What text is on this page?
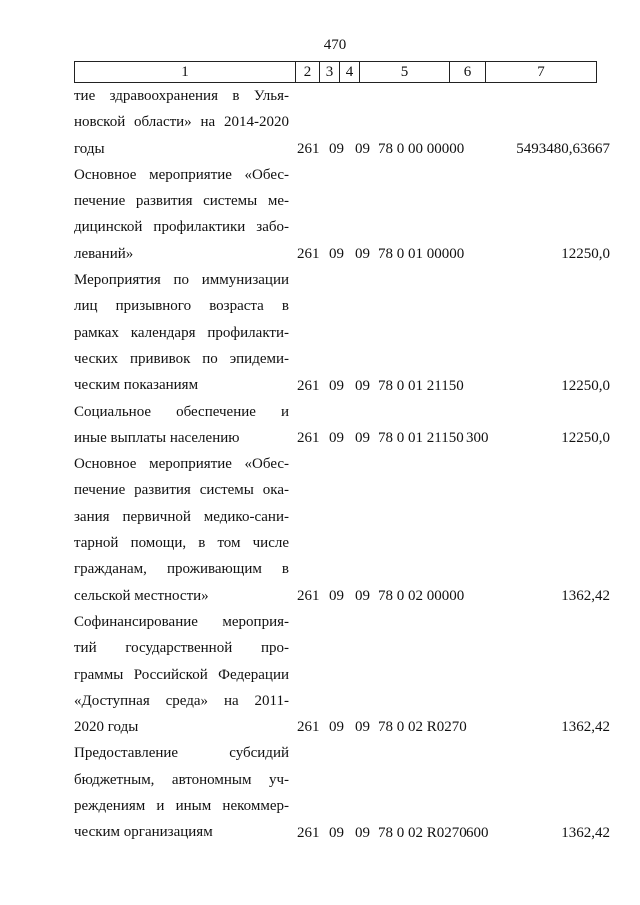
470
1	2 3 4	5	6	7
тие здравоохранения в Улья-
новской области» на 2014-2020
годы	261 09 09 78 0 00 00000	5493480,63667
Основное мероприятие «Обес-
печение развития системы ме-
дицинской профилактики забо-
леваний»	261 09 09 78 0 01 00000	12250,0
Мероприятия по иммунизации
лиц призывного возраста в
рамках календаря профилакти-
ческих прививок по эпидеми-
ческим показаниям	261 09 09 78 0 01 21150	12250,0
Социальное обеспечение и
иные выплаты населению	261 09 09 78 0 01 21150 300	12250,0
Основное мероприятие «Обес-
печение развития системы ока-
зания первичной медико-сани-
тарной помощи, в том числе
гражданам, проживающим в
сельской местности»	261 09 09 78 0 02 00000	1362,42
Софинансирование мероприя-
тий государственной про-
граммы Российской Федерации
«Доступная среда» на 2011-
2020 годы	261 09 09 78 0 02 R0270	1362,42
Предоставление субсидий
бюджетным, автономным уч-
реждениям и иным некоммер-
ческим организациям	261 09 09 78 0 02 R0270 600	1362,42
